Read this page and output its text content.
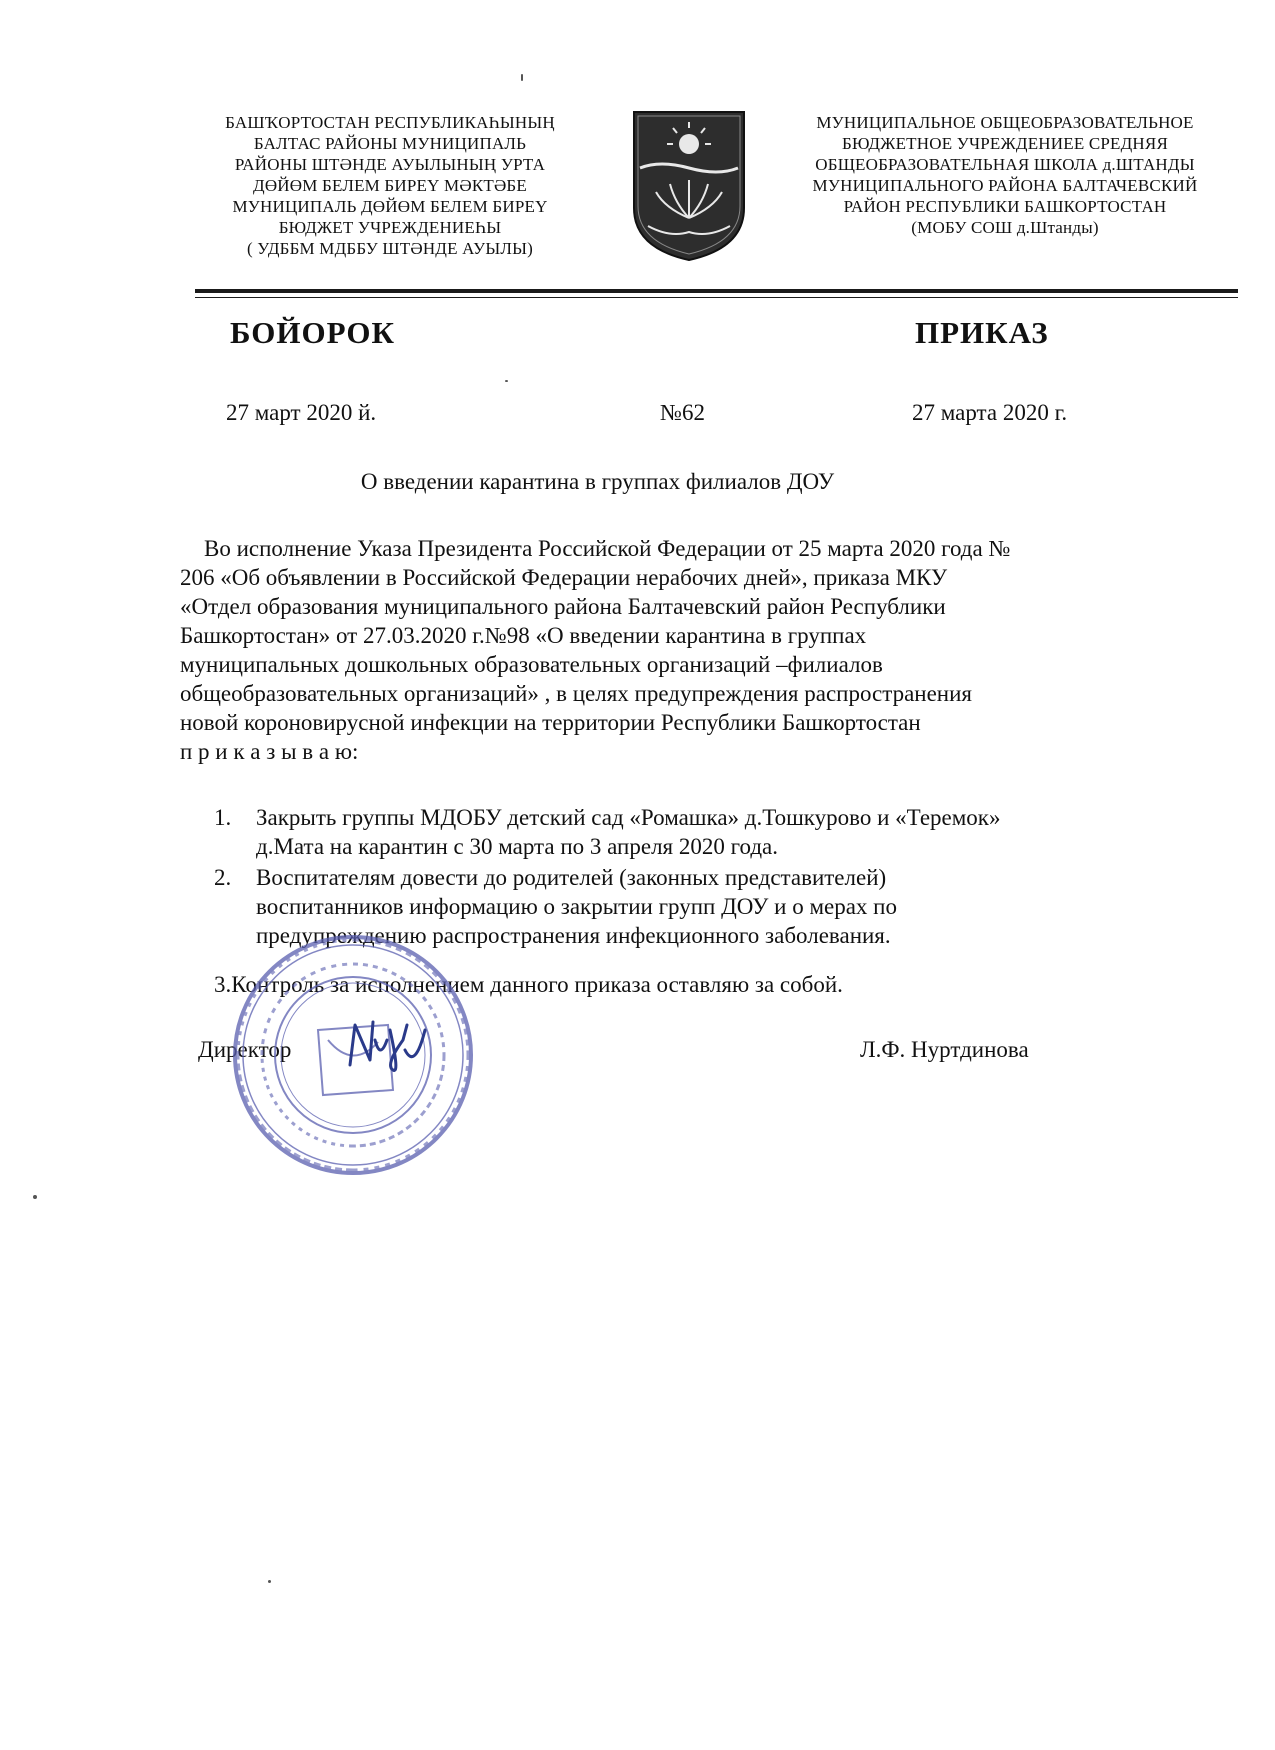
БАШҠОРТОСТАН РЕСПУБЛИКАҺЫНЫҢ
БАЛТАС РАЙОНЫ МУНИЦИПАЛЬ
РАЙОНЫ ШТӘНДЕ АУЫЛЫНЫҢ УРТА
ДӨЙӨМ БЕЛЕМ БИРЕҮ МӘКТӘБЕ
МУНИЦИПАЛЬ ДӨЙӨМ БЕЛЕМ БИРЕҮ
БЮДЖЕТ УЧРЕЖДЕНИЕҺЫ
( УДББМ МДББУ ШТӘНДЕ АУЫЛЫ)
МУНИЦИПАЛЬНОЕ ОБЩЕОБРАЗОВАТЕЛЬНОЕ
БЮДЖЕТНОЕ УЧРЕЖДЕНИЕЕ СРЕДНЯЯ
ОБЩЕОБРАЗОВАТЕЛЬНАЯ ШКОЛА д.ШТАНДЫ
МУНИЦИПАЛЬНОГО РАЙОНА БАЛТАЧЕВСКИЙ
РАЙОН РЕСПУБЛИКИ БАШКОРТОСТАН
(МОБУ СОШ д.Штанды)
БОЙОРОК	ПРИКАЗ
27 март 2020 й.	№62	27 марта 2020 г.
О введении карантина в группах филиалов ДОУ
Во исполнение Указа Президента Российской Федерации от 25 марта 2020 года №
206 «Об объявлении в Российской Федерации нерабочих дней», приказа МКУ
«Отдел образования муниципального района Балтачевский район Республики
Башкортостан» от 27.03.2020 г.№98 «О введении карантина в группах
муниципальных дошкольных образовательных организаций –филиалов
общеобразовательных организаций» , в целях предупреждения распространения
новой короновирусной инфекции на территории Республики Башкортостан
п р и к а з ы в а ю:
1. Закрыть группы МДОБУ детский сад «Ромашка» д.Тошкурово и «Теремок»
д.Мата на карантин с 30 марта по 3 апреля 2020 года.
2. Воспитателям довести до родителей (законных представителей)
воспитанников информацию о закрытии групп ДОУ и о мерах по
предупреждению распространения инфекционного заболевания.
3.Контроль за исполнением данного приказа оставляю за собой.
Директор	Л.Ф. Нуртдинова
